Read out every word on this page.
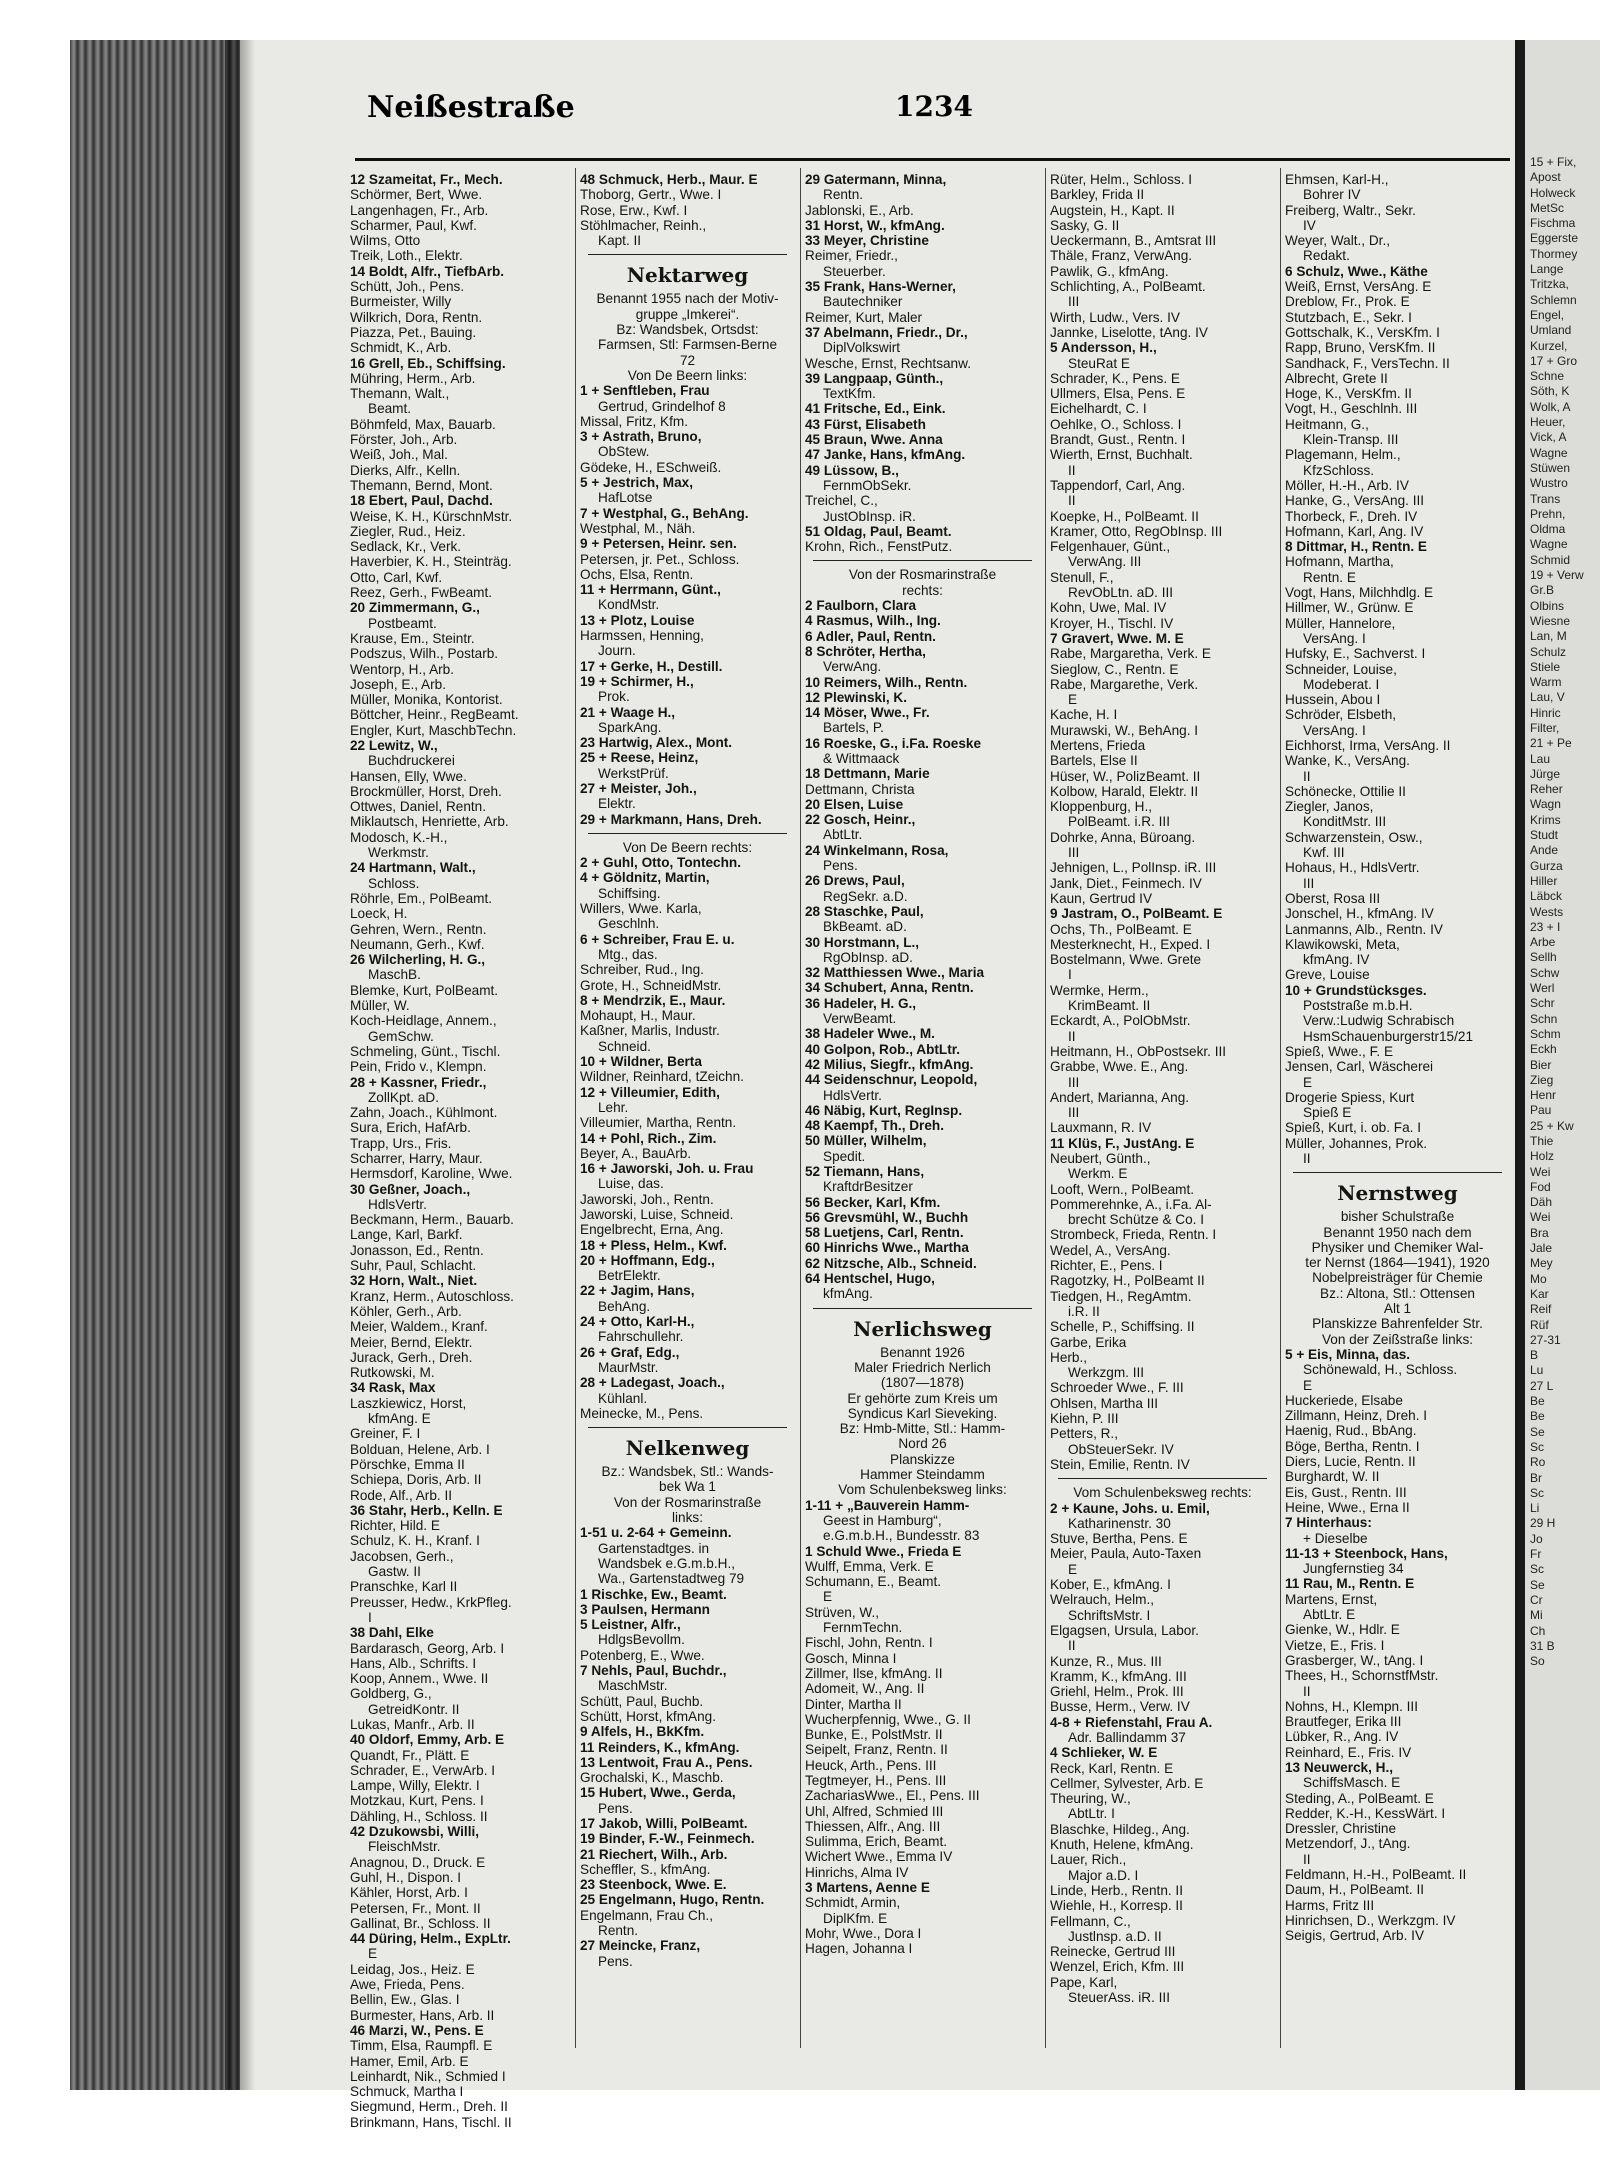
Neißestraße	1234
12 Szameitat, Fr., Mech.
Schörmer, Bert, Wwe.
Langenhagen, Fr., Arb.
Scharmer, Paul, Kwf.
Wilms, Otto
Treik, Loth., Elektr.
14 Boldt, Alfr., TiefbArb.
Schütt, Joh., Pens.
Burmeister, Willy
Wilkrich, Dora, Rentn.
Piazza, Pet., Bauing.
Schmidt, K., Arb.
16 Grell, Eb., Schiffsing.
Mühring, Herm., Arb.
Themann, Walt.,
Beamt.
Böhmfeld, Max, Bauarb.
Förster, Joh., Arb.
Weiß, Joh., Mal.
Dierks, Alfr., Kelln.
Themann, Bernd, Mont.
18 Ebert, Paul, Dachd.
Weise, K. H., KürschnMstr.
Ziegler, Rud., Heiz.
Sedlack, Kr., Verk.
Haverbier, K. H., Steinträg.
Otto, Carl, Kwf.
Reez, Gerh., FwBeamt.
20 Zimmermann, G.,
Postbeamt.
Krause, Em., Steintr.
Podszus, Wilh., Postarb.
Wentorp, H., Arb.
Joseph, E., Arb.
Müller, Monika, Kontorist.
Böttcher, Heinr., RegBeamt.
Engler, Kurt, MaschbTechn.
22 Lewitz, W.,
Buchdruckerei
Hansen, Elly, Wwe.
Brockmüller, Horst, Dreh.
Ottwes, Daniel, Rentn.
Miklautsch, Henriette, Arb.
Modosch, K.-H.,
Werkmstr.
24 Hartmann, Walt.,
Schloss.
Röhrle, Em., PolBeamt.
Loeck, H.
Gehren, Wern., Rentn.
Neumann, Gerh., Kwf.
26 Wilcherling, H. G.,
MaschB.
Blemke, Kurt, PolBeamt.
Müller, W.
Koch-Heidlage, Annem.,
GemSchw.
Schmeling, Günt., Tischl.
Pein, Frido v., Klempn.
28 + Kassner, Friedr.,
ZollKpt. aD.
Zahn, Joach., Kühlmont.
Sura, Erich, HafArb.
Trapp, Urs., Fris.
Scharrer, Harry, Maur.
Hermsdorf, Karoline, Wwe.
30 Geßner, Joach.,
HdlsVertr.
Beckmann, Herm., Bauarb.
Lange, Karl, Barkf.
Jonasson, Ed., Rentn.
Suhr, Paul, Schlacht.
32 Horn, Walt., Niet.
Kranz, Herm., Autoschloss.
Köhler, Gerh., Arb.
Meier, Waldem., Kranf.
Meier, Bernd, Elektr.
Jurack, Gerh., Dreh.
Rutkowski, M.
34 Rask, Max
Laszkiewicz, Horst,
kfmAng. E
Greiner, F. I
Bolduan, Helene, Arb. I
Pörschke, Emma II
Schiepa, Doris, Arb. II
Rode, Alf., Arb. II
36 Stahr, Herb., Kelln. E
Richter, Hild. E
Schulz, K. H., Kranf. I
Jacobsen, Gerh.,
Gastw. II
Pranschke, Karl II
Preusser, Hedw., KrkPfleg.
I
38 Dahl, Elke
Bardarasch, Georg, Arb. I
Hans, Alb., Schrifts. I
Koop, Annem., Wwe. II
Goldberg, G.,
GetreidKontr. II
Lukas, Manfr., Arb. II
40 Oldorf, Emmy, Arb. E
Quandt, Fr., Plätt. E
Schrader, E., VerwArb. I
Lampe, Willy, Elektr. I
Motzkau, Kurt, Pens. I
Dähling, H., Schloss. II
42 Dzukowsbi, Willi,
FleischMstr.
Anagnou, D., Druck. E
Guhl, H., Dispon. I
Kähler, Horst, Arb. I
Petersen, Fr., Mont. II
Gallinat, Br., Schloss. II
44 Düring, Helm., ExpLtr.
E
Leidag, Jos., Heiz. E
Awe, Frieda, Pens.
Bellin, Ew., Glas. I
Burmester, Hans, Arb. II
46 Marzi, W., Pens. E
Timm, Elsa, Raumpfl. E
Hamer, Emil, Arb. E
Leinhardt, Nik., Schmied I
Schmuck, Martha I
Siegmund, Herm., Dreh. II
Brinkmann, Hans, Tischl. II
48 Schmuck, Herb., Maur. E
Thoborg, Gertr., Wwe. I
Rose, Erw., Kwf. I
Stöhlmacher, Reinh.,
Kapt. II
Nektarweg
Benannt 1955 nach der Motiv-
gruppe „Imkerei“.
Bz: Wandsbek, Ortsdst:
Farmsen, Stl: Farmsen-Berne
72
Von De Beern links:
1 + Senftleben, Frau
Gertrud, Grindelhof 8
Missal, Fritz, Kfm.
3 + Astrath, Bruno,
ObStew.
Gödeke, H., ESchweiß.
5 + Jestrich, Max,
HafLotse
7 + Westphal, G., BehAng.
Westphal, M., Näh.
9 + Petersen, Heinr. sen.
Petersen, jr. Pet., Schloss.
Ochs, Elsa, Rentn.
11 + Herrmann, Günt.,
KondMstr.
13 + Plotz, Louise
Harmssen, Henning,
Journ.
17 + Gerke, H., Destill.
19 + Schirmer, H.,
Prok.
21 + Waage H.,
SparkAng.
23 Hartwig, Alex., Mont.
25 + Reese, Heinz,
WerkstPrüf.
27 + Meister, Joh.,
Elektr.
29 + Markmann, Hans, Dreh.
Von De Beern rechts:
2 + Guhl, Otto, Tontechn.
4 + Göldnitz, Martin,
Schiffsing.
Willers, Wwe. Karla,
Geschlnh.
6 + Schreiber, Frau E. u.
Mtg., das.
Schreiber, Rud., Ing.
Grote, H., SchneidMstr.
8 + Mendrzik, E., Maur.
Mohaupt, H., Maur.
Kaßner, Marlis, Industr.
Schneid.
10 + Wildner, Berta
Wildner, Reinhard, tZeichn.
12 + Villeumier, Edith,
Lehr.
Villeumier, Martha, Rentn.
14 + Pohl, Rich., Zim.
Beyer, A., BauArb.
16 + Jaworski, Joh. u. Frau
Luise, das.
Jaworski, Joh., Rentn.
Jaworski, Luise, Schneid.
Engelbrecht, Erna, Ang.
18 + Pless, Helm., Kwf.
20 + Hoffmann, Edg.,
BetrElektr.
22 + Jagim, Hans,
BehAng.
24 + Otto, Karl-H.,
Fahrschullehr.
26 + Graf, Edg.,
MaurMstr.
28 + Ladegast, Joach.,
Kühlanl.
Meinecke, M., Pens.
Nelkenweg
Bz.: Wandsbek, Stl.: Wands-
bek Wa 1
Von der Rosmarinstraße
links:
1-51 u. 2-64 + Gemeinn.
Gartenstadtges. in
Wandsbek e.G.m.b.H.,
Wa., Gartenstadtweg 79
1 Rischke, Ew., Beamt.
3 Paulsen, Hermann
5 Leistner, Alfr.,
HdlgsBevollm.
Potenberg, E., Wwe.
7 Nehls, Paul, Buchdr.,
MaschMstr.
Schütt, Paul, Buchb.
Schütt, Horst, kfmAng.
9 Alfels, H., BkKfm.
11 Reinders, K., kfmAng.
13 Lentwoit, Frau A., Pens.
Grochalski, K., Maschb.
15 Hubert, Wwe., Gerda,
Pens.
17 Jakob, Willi, PolBeamt.
19 Binder, F.-W., Feinmech.
21 Riechert, Wilh., Arb.
Scheffler, S., kfmAng.
23 Steenbock, Wwe. E.
25 Engelmann, Hugo, Rentn.
Engelmann, Frau Ch.,
Rentn.
27 Meincke, Franz,
Pens.
29 Gatermann, Minna,
Rentn.
Jablonski, E., Arb.
31 Horst, W., kfmAng.
33 Meyer, Christine
Reimer, Friedr.,
Steuerber.
35 Frank, Hans-Werner,
Bautechniker
Reimer, Kurt, Maler
37 Abelmann, Friedr., Dr.,
DiplVolkswirt
Wesche, Ernst, Rechtsanw.
39 Langpaap, Günth.,
TextKfm.
41 Fritsche, Ed., Eink.
43 Fürst, Elisabeth
45 Braun, Wwe. Anna
47 Janke, Hans, kfmAng.
49 Lüssow, B.,
FernmObSekr.
Treichel, C.,
JustObInsp. iR.
51 Oldag, Paul, Beamt.
Krohn, Rich., FenstPutz.
Von der Rosmarinstraße
rechts:
2 Faulborn, Clara
4 Rasmus, Wilh., Ing.
6 Adler, Paul, Rentn.
8 Schröter, Hertha,
VerwAng.
10 Reimers, Wilh., Rentn.
12 Plewinski, K.
14 Möser, Wwe., Fr.
Bartels, P.
16 Roeske, G., i.Fa. Roeske
& Wittmaack
18 Dettmann, Marie
Dettmann, Christa
20 Elsen, Luise
22 Gosch, Heinr.,
AbtLtr.
24 Winkelmann, Rosa,
Pens.
26 Drews, Paul,
RegSekr. a.D.
28 Staschke, Paul,
BkBeamt. aD.
30 Horstmann, L.,
RgObInsp. aD.
32 Matthiessen Wwe., Maria
34 Schubert, Anna, Rentn.
36 Hadeler, H. G.,
VerwBeamt.
38 Hadeler Wwe., M.
40 Golpon, Rob., AbtLtr.
42 Milius, Siegfr., kfmAng.
44 Seidenschnur, Leopold,
HdlsVertr.
46 Näbig, Kurt, RegInsp.
48 Kaempf, Th., Dreh.
50 Müller, Wilhelm,
Spedit.
52 Tiemann, Hans,
KraftdrBesitzer
56 Becker, Karl, Kfm.
56 Grevsmühl, W., Buchh
58 Luetjens, Carl, Rentn.
60 Hinrichs Wwe., Martha
62 Nitzsche, Alb., Schneid.
64 Hentschel, Hugo,
kfmAng.
Nerlichsweg
Benannt 1926
Maler Friedrich Nerlich
(1807—1878)
Er gehörte zum Kreis um
Syndicus Karl Sieveking.
Bz: Hmb-Mitte, Stl.: Hamm-
Nord 26
Planskizze
Hammer Steindamm
Vom Schulenbeksweg links:
1-11 + „Bauverein Hamm-
Geest in Hamburg“,
e.G.m.b.H., Bundesstr. 83
1 Schuld Wwe., Frieda E
Wulff, Emma, Verk. E
Schumann, E., Beamt.
E
Strüven, W.,
FernmTechn.
Fischl, John, Rentn. I
Gosch, Minna I
Zillmer, Ilse, kfmAng. II
Adomeit, W., Ang. II
Dinter, Martha II
Wucherpfennig, Wwe., G. II
Bunke, E., PolstMstr. II
Seipelt, Franz, Rentn. II
Heuck, Arth., Pens. III
Tegtmeyer, H., Pens. III
ZachariasWwe., El., Pens. III
Uhl, Alfred, Schmied III
Thiessen, Alfr., Ang. III
Sulimma, Erich, Beamt.
Wichert Wwe., Emma IV
Hinrichs, Alma IV
3 Martens, Aenne E
Schmidt, Armin,
DiplKfm. E
Mohr, Wwe., Dora I
Hagen, Johanna I
Rüter, Helm., Schloss. I
Barkley, Frida II
Augstein, H., Kapt. II
Sasky, G. II
Ueckermann, B., Amtsrat III
Thäle, Franz, VerwAng.
Pawlik, G., kfmAng.
Schlichting, A., PolBeamt.
III
Wirth, Ludw., Vers. IV
Jannke, Liselotte, tAng. IV
5 Andersson, H.,
SteuRat E
Schrader, K., Pens. E
Ullmers, Elsa, Pens. E
Eichelhardt, C. I
Oehlke, O., Schloss. I
Brandt, Gust., Rentn. I
Wierth, Ernst, Buchhalt.
II
Tappendorf, Carl, Ang.
II
Koepke, H., PolBeamt. II
Kramer, Otto, RegObInsp. III
Felgenhauer, Günt.,
VerwAng. III
Stenull, F.,
RevObLtn. aD. III
Kohn, Uwe, Mal. IV
Kroyer, H., Tischl. IV
7 Gravert, Wwe. M. E
Rabe, Margaretha, Verk. E
Sieglow, C., Rentn. E
Rabe, Margarethe, Verk.
E
Kache, H. I
Murawski, W., BehAng. I
Mertens, Frieda
Bartels, Else II
Hüser, W., PolizBeamt. II
Kolbow, Harald, Elektr. II
Kloppenburg, H.,
PolBeamt. i.R. III
Dohrke, Anna, Büroang.
III
Jehnigen, L., PolInsp. iR. III
Jank, Diet., Feinmech. IV
Kaun, Gertrud IV
9 Jastram, O., PolBeamt. E
Ochs, Th., PolBeamt. E
Mesterknecht, H., Exped. I
Bostelmann, Wwe. Grete
I
Wermke, Herm.,
KrimBeamt. II
Eckardt, A., PolObMstr.
II
Heitmann, H., ObPostsekr. III
Grabbe, Wwe. E., Ang.
III
Andert, Marianna, Ang.
III
Lauxmann, R. IV
11 Klüs, F., JustAng. E
Neubert, Günth.,
Werkm. E
Looft, Wern., PolBeamt.
Pommerehnke, A., i.Fa. Al-
brecht Schütze & Co. I
Strombeck, Frieda, Rentn. I
Wedel, A., VersAng.
Richter, E., Pens. I
Ragotzky, H., PolBeamt II
Tiedgen, H., RegAmtm.
i.R. II
Schelle, P., Schiffsing. II
Garbe, Erika
Herb.,
Werkzgm. III
Schroeder Wwe., F. III
Ohlsen, Martha III
Kiehn, P. III
Petters, R.,
ObSteuerSekr. IV
Stein, Emilie, Rentn. IV
Vom Schulenbeksweg rechts:
2 + Kaune, Johs. u. Emil,
Katharinenstr. 30
Stuve, Bertha, Pens. E
Meier, Paula, Auto-Taxen
E
Kober, E., kfmAng. I
Welrauch, Helm.,
SchriftsMstr. I
Elgagsen, Ursula, Labor.
II
Kunze, R., Mus. III
Kramm, K., kfmAng. III
Griehl, Helm., Prok. III
Busse, Herm., Verw. IV
4-8 + Riefenstahl, Frau A.
Adr. Ballindamm 37
4 Schlieker, W. E
Reck, Karl, Rentn. E
Cellmer, Sylvester, Arb. E
Theuring, W.,
AbtLtr. I
Blaschke, Hildeg., Ang.
Knuth, Helene, kfmAng.
Lauer, Rich.,
Major a.D. I
Linde, Herb., Rentn. II
Wiehle, H., Korresp. II
Fellmann, C.,
Justlnsp. a.D. II
Reinecke, Gertrud III
Wenzel, Erich, Kfm. III
Pape, Karl,
SteuerAss. iR. III
Ehmsen, Karl-H.,
Bohrer IV
Freiberg, Waltr., Sekr.
IV
Weyer, Walt., Dr.,
Redakt.
6 Schulz, Wwe., Käthe
Weiß, Ernst, VersAng. E
Dreblow, Fr., Prok. E
Stutzbach, E., Sekr. I
Gottschalk, K., VersKfm. I
Rapp, Bruno, VersKfm. II
Sandhack, F., VersTechn. II
Albrecht, Grete II
Hoge, K., VersKfm. II
Vogt, H., Geschlnh. III
Heitmann, G.,
Klein-Transp. III
Plagemann, Helm.,
KfzSchloss.
Möller, H.-H., Arb. IV
Hanke, G., VersAng. III
Thorbeck, F., Dreh. IV
Hofmann, Karl, Ang. IV
8 Dittmar, H., Rentn. E
Hofmann, Martha,
Rentn. E
Vogt, Hans, Milchhdlg. E
Hillmer, W., Grünw. E
Müller, Hannelore,
VersAng. I
Hufsky, E., Sachverst. I
Schneider, Louise,
Modeberat. I
Hussein, Abou I
Schröder, Elsbeth,
VersAng. I
Eichhorst, Irma, VersAng. II
Wanke, K., VersAng.
II
Schönecke, Ottilie II
Ziegler, Janos,
KonditMstr. III
Schwarzenstein, Osw.,
Kwf. III
Hohaus, H., HdlsVertr.
III
Oberst, Rosa III
Jonschel, H., kfmAng. IV
Lanmanns, Alb., Rentn. IV
Klawikowski, Meta,
kfmAng. IV
Greve, Louise
10 + Grundstücksges.
Poststraße m.b.H.
Verw.:Ludwig Schrabisch
HsmSchauenburgerstr15/21
Spieß, Wwe., F. E
Jensen, Carl, Wäscherei
E
Drogerie Spiess, Kurt
Spieß E
Spieß, Kurt, i. ob. Fa. I
Müller, Johannes, Prok.
II
Nernstweg
bisher Schulstraße
Benannt 1950 nach dem
Physiker und Chemiker Wal-
ter Nernst (1864—1941), 1920
Nobelpreisträger für Chemie
Bz.: Altona, Stl.: Ottensen
Alt 1
Planskizze Bahrenfelder Str.
Von der Zeißstraße links:
5 + Eis, Minna, das.
Schönewald, H., Schloss.
E
Huckeriede, Elsabe
Zillmann, Heinz, Dreh. I
Haenig, Rud., BbAng.
Böge, Bertha, Rentn. I
Diers, Lucie, Rentn. II
Burghardt, W. II
Eis, Gust., Rentn. III
Heine, Wwe., Erna II
7 Hinterhaus:
+ Dieselbe
11-13 + Steenbock, Hans,
Jungfernstieg 34
11 Rau, M., Rentn. E
Martens, Ernst,
AbtLtr. E
Gienke, W., Hdlr. E
Vietze, E., Fris. I
Grasberger, W., tAng. I
Thees, H., SchornstfMstr.
II
Nohns, H., Klempn. III
Brautfeger, Erika III
Lübker, R., Ang. IV
Reinhard, E., Fris. IV
13 Neuwerck, H.,
SchiffsMasch. E
Steding, A., PolBeamt. E
Redder, K.-H., KessWärt. I
Dressler, Christine
Metzendorf, J., tAng.
II
Feldmann, H.-H., PolBeamt. II
Daum, H., PolBeamt. II
Harms, Fritz III
Hinrichsen, D., Werkzgm. IV
Seigis, Gertrud, Arb. IV
15 + Fix,
Apost
Holweck
MetSc
Fischma
Eggerste
Thormey
Lange
Tritzka,
Schlemn
Engel,
Umland
Kurzel,
17 + Gro
Schne
Söth, K
Wolk, A
Heuer,
Vick, A
Wagne
Stüwen
Wustro
Trans
Prehn,
Oldma
Wagne
Schmid
19 + Verw
Gr.B
Olbins
Wiesne
Lan, M
Schulz
Stiele
Warm
Lau, V
Hinric
Filter,
21 + Pe
Lau
Jürge
Reher
Wagn
Krims
Studt
Ande
Gurza
Hiller
Läbck
Wests
23 + I
Arbe
Sellh
Schw
Werl
Schr
Schn
Schm
Eckh
Bier
Zieg
Henr
Pau
25 + Kw
Thie
Holz
Wei
Fod
Däh
Wei
Bra
Jale
Mey
Mo
Kar
Reif
Rüf
27-31
B
Lu
27 L
Be
Be
Se
Sc
Ro
Br
Sc
Li
29 H
Jo
Fr
Sc
Se
Cr
Mi
Ch
31 B
So
